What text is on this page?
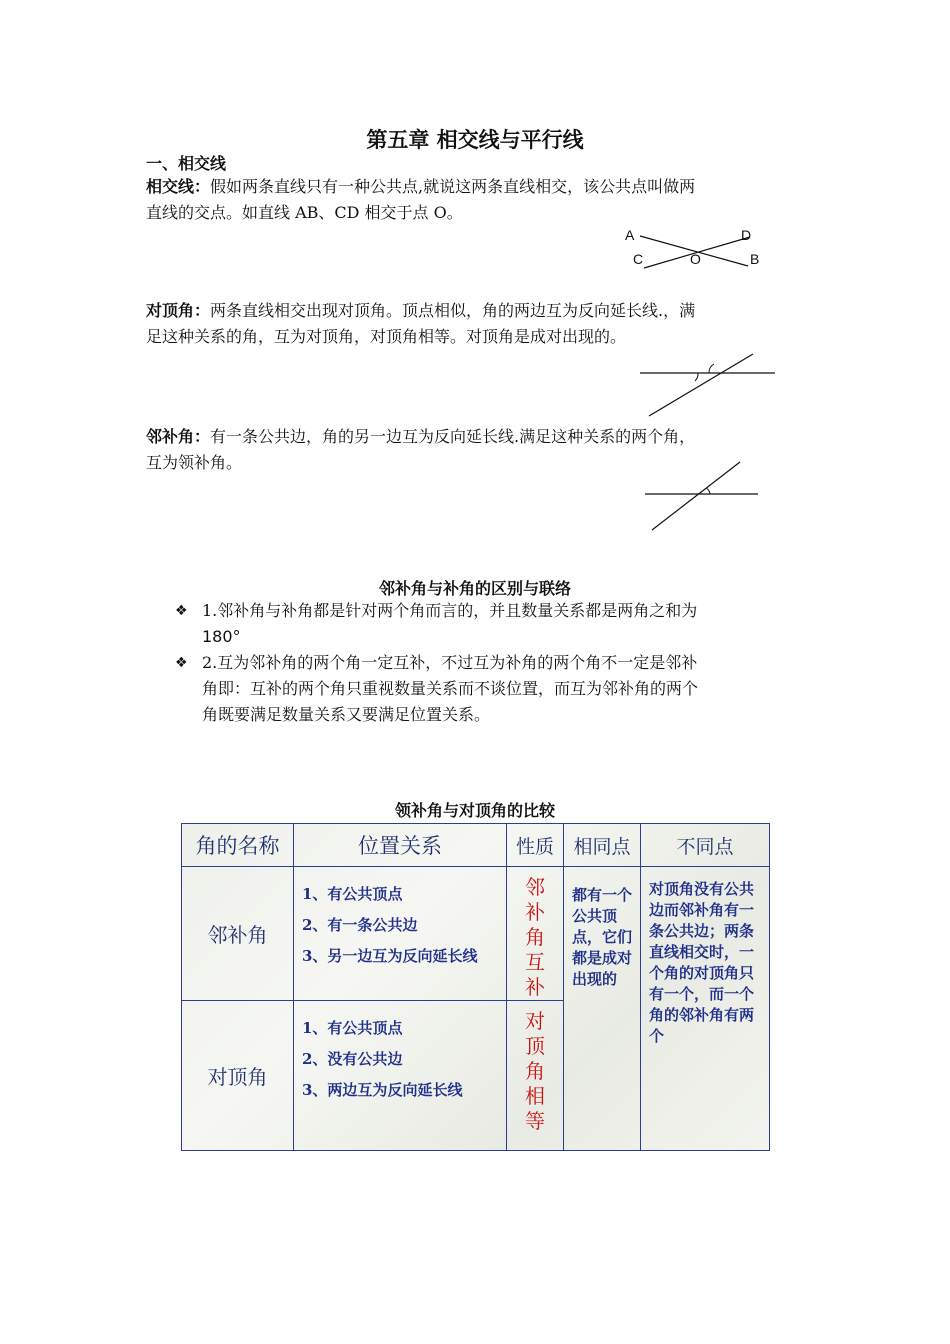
第五章 相交线与平行线
一、相交线
相交线：假如两条直线只有一种公共点,就说这两条直线相交，该公共点叫做两
直线的交点。如直线 AB、CD 相交于点 O。
A	D
C	O	B
对顶角：两条直线相交出现对顶角。顶点相似，角的两边互为反向延长线.，满
足这种关系的角，互为对顶角，对顶角相等。对顶角是成对出现的。
邻补角：有一条公共边，角的另一边互为反向延长线.满足这种关系的两个角，
互为领补角。
邻补角与补角的区别与联络
❖ 1.邻补角与补角都是针对两个角而言的，并且数量关系都是两角之和为
180°
❖ 2.互为邻补角的两个角一定互补，不过互为补角的两个角不一定是邻补
角即：互补的两个角只重视数量关系而不谈位置，而互为邻补角的两个
角既要满足数量关系又要满足位置关系。
领补角与对顶角的比较
角的名称	位置关系	性质	相同点	不同点
邻补角	1、有公共顶点
2、有一条公共边
3、另一边互为反向延长线	邻补角互补	都有一个公共顶点，它们都是成对出现的	对顶角没有公共边而邻补角有一条公共边；两条直线相交时，一个角的对顶角只有一个，而一个角的邻补角有两个
对顶角	1、有公共顶点
2、没有公共边
3、两边互为反向延长线	对顶角相等		
